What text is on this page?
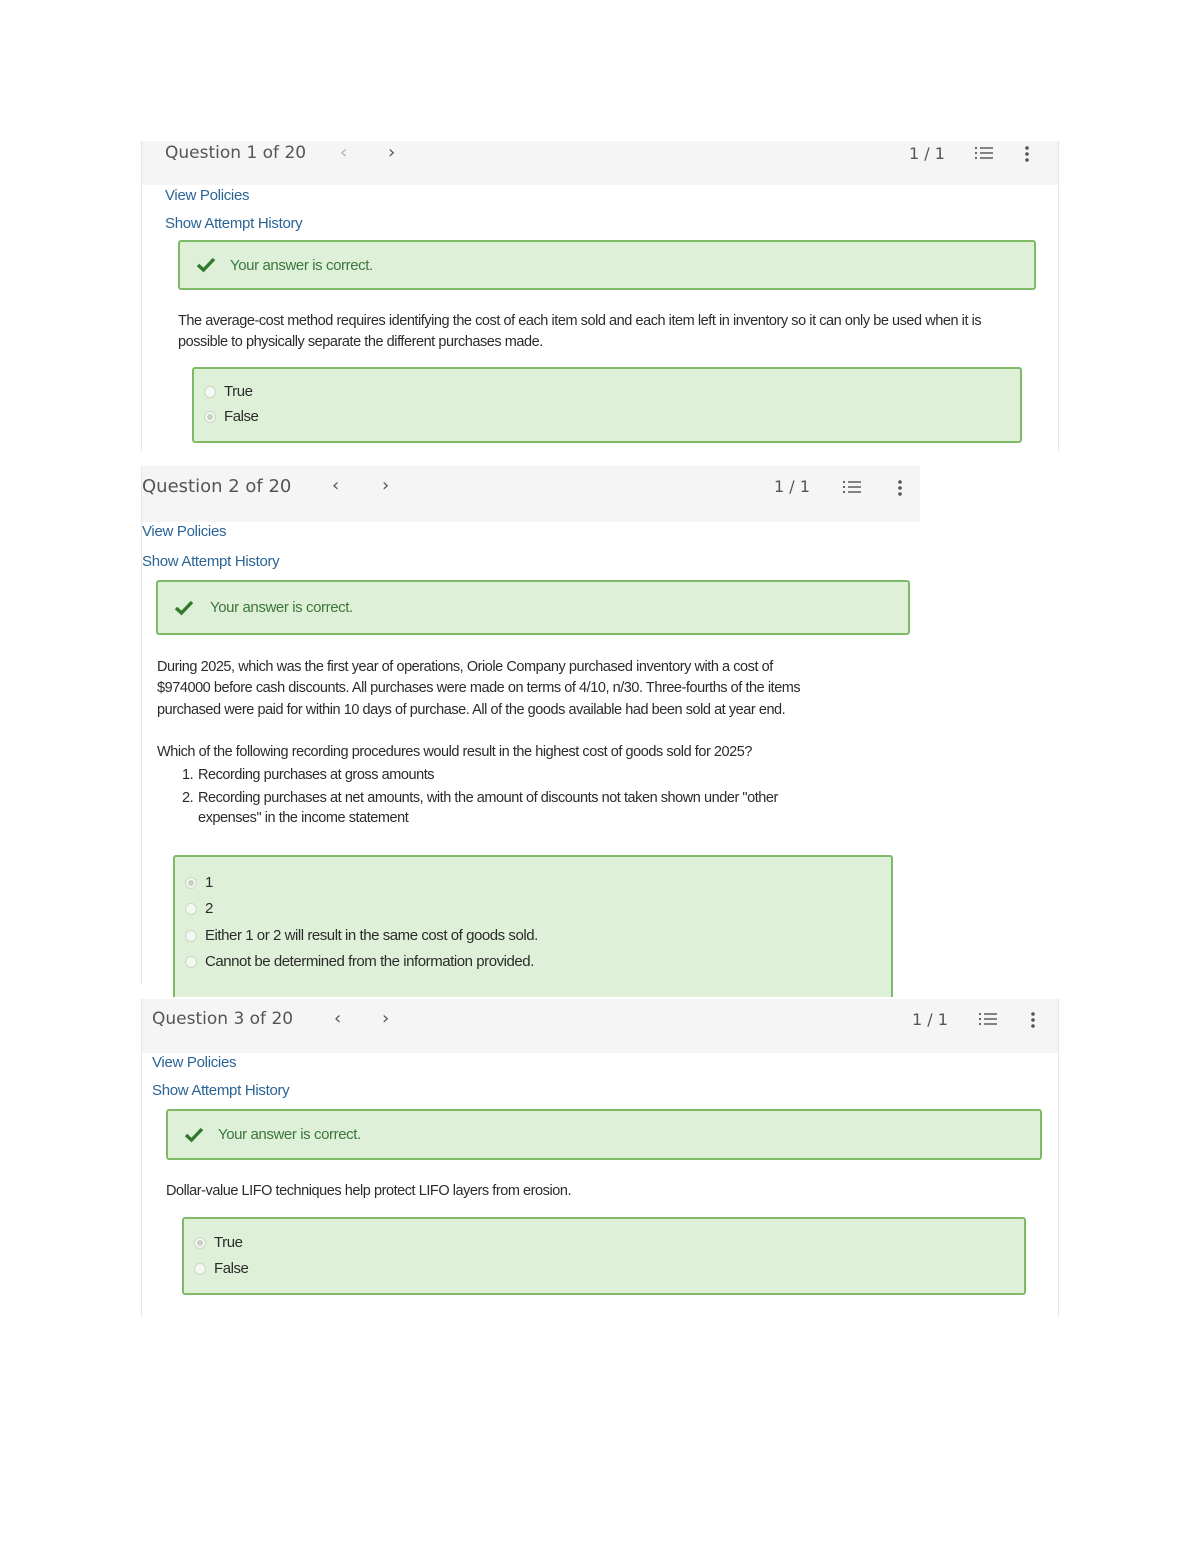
Question 1 of 20 ‹ ›	1 / 1
View Policies
Show Attempt History
Your answer is correct.
The average-cost method requires identifying the cost of each item sold and each item left in inventory so it can only be used when it is
possible to physically separate the different purchases made.
True
False
Question 2 of 20 ‹ ›	1 / 1
View Policies
Show Attempt History
Your answer is correct.
During 2025, which was the first year of operations, Oriole Company purchased inventory with a cost of
$974000 before cash discounts. All purchases were made on terms of 4/10, n/30. Three-fourths of the items
purchased were paid for within 10 days of purchase. All of the goods available had been sold at year end.
Which of the following recording procedures would result in the highest cost of goods sold for 2025?
1. Recording purchases at gross amounts
2. Recording purchases at net amounts, with the amount of discounts not taken shown under "other
expenses" in the income statement
1
2
Either 1 or 2 will result in the same cost of goods sold.
Cannot be determined from the information provided.
Question 3 of 20 ‹ ›	1 / 1
View Policies
Show Attempt History
Your answer is correct.
Dollar-value LIFO techniques help protect LIFO layers from erosion.
True
False
